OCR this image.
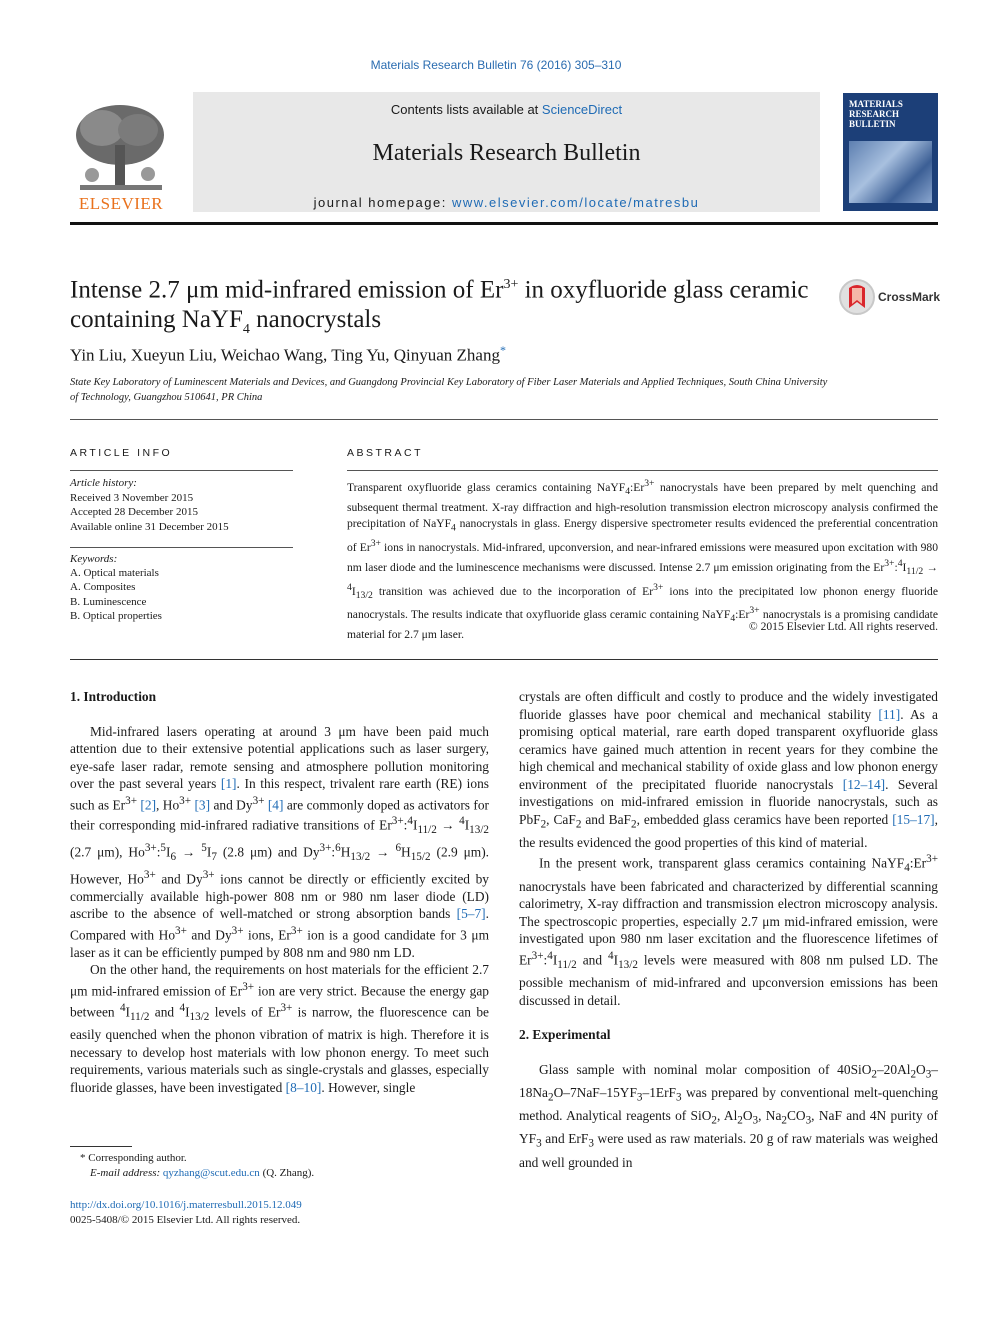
Materials Research Bulletin 76 (2016) 305–310
ELSEVIER
Contents lists available at ScienceDirect
Materials Research Bulletin
journal homepage: www.elsevier.com/locate/matresbu
MATERIALS RESEARCH BULLETIN
Intense 2.7 μm mid-infrared emission of $Er^{3+}$ in oxyfluoride glass ceramic containing NaYF$_4$ nanocrystals
CrossMark
Yin Liu, Xueyun Liu, Weichao Wang, Ting Yu, Qinyuan Zhang*
State Key Laboratory of Luminescent Materials and Devices, and Guangdong Provincial Key Laboratory of Fiber Laser Materials and Applied Techniques, South China University of Technology, Guangzhou 510641, PR China
ARTICLE INFO
Article history:
Received 3 November 2015
Accepted 28 December 2015
Available online 31 December 2015
Keywords:
A. Optical materials
A. Composites
B. Luminescence
B. Optical properties
ABSTRACT
Transparent oxyfluoride glass ceramics containing $NaYF_4:Er^{3+}$ nanocrystals have been prepared by melt quenching and subsequent thermal treatment. X-ray diffraction and high-resolution transmission electron microscopy analysis confirmed the precipitation of NaYF$_4$ nanocrystals in glass. Energy dispersive spectrometer results evidenced the preferential concentration of $Er^{3+}$ ions in nanocrystals. Mid-infrared, upconversion, and near-infrared emissions were measured upon excitation with 980 nm laser diode and the luminescence mechanisms were discussed. Intense 2.7 μm emission originating from the $Er^{3+}:^4I_{11/2} \to ^4I_{13/2}$ transition was achieved due to the incorporation of $Er^{3+}$ ions into the precipitated low phonon energy fluoride nanocrystals. The results indicate that oxyfluoride glass ceramic containing $NaYF_4:Er^{3+}$ nanocrystals is a promising candidate material for 2.7 μm laser.
© 2015 Elsevier Ltd. All rights reserved.
1. Introduction

Mid-infrared lasers operating at around 3 μm have been paid much attention due to their extensive potential applications such as laser surgery, eye-safe laser radar, remote sensing and atmosphere pollution monitoring over the past several years [1]. In this respect, trivalent rare earth (RE) ions such as $Er^{3+}$ [2], $Ho^{3+}$ [3] and $Dy^{3+}$ [4] are commonly doped as activators for their corresponding mid-infrared radiative transitions of $Er^{3+}:^4I_{11/2} \to ^4I_{13/2}$ (2.7 μm), $Ho^{3+}:^5I_6 \to ^5I_7$ (2.8 μm) and $Dy^{3+}:^6H_{13/2} \to ^6H_{15/2}$ (2.9 μm). However, $Ho^{3+}$ and $Dy^{3+}$ ions cannot be directly or efficiently excited by commercially available high-power 808 nm or 980 nm laser diode (LD) ascribe to the absence of well-matched or strong absorption bands [5–7]. Compared with $Ho^{3+}$ and $Dy^{3+}$ ions, $Er^{3+}$ ion is a good candidate for 3 μm laser as it can be efficiently pumped by 808 nm and 980 nm LD.

On the other hand, the requirements on host materials for the efficient 2.7 μm mid-infrared emission of $Er^{3+}$ ion are very strict. Because the energy gap between $^4I_{11/2}$ and $^4I_{13/2}$ levels of $Er^{3+}$ is narrow, the fluorescence can be easily quenched when the phonon vibration of matrix is high. Therefore it is necessary to develop host materials with low phonon energy. To meet such requirements, various materials such as single-crystals and glasses, especially fluoride glasses, have been investigated [8–10]. However, single

* Corresponding author.
E-mail address: qyzhang@scut.edu.cn (Q. Zhang).
http://dx.doi.org/10.1016/j.materresbull.2015.12.049
0025-5408/© 2015 Elsevier Ltd. All rights reserved.

crystals are often difficult and costly to produce and the widely investigated fluoride glasses have poor chemical and mechanical stability [11]. As a promising optical material, rare earth doped transparent oxyfluoride glass ceramics have gained much attention in recent years for they combine the high chemical and mechanical stability of oxide glass and low phonon energy environment of the precipitated fluoride nanocrystals [12–14]. Several investigations on mid-infrared emission in fluoride nanocrystals, such as PbF$_2$, CaF$_2$ and BaF$_2$, embedded glass ceramics have been reported [15–17], the results evidenced the good properties of this kind of material.

In the present work, transparent glass ceramics containing $NaYF_4:Er^{3+}$ nanocrystals have been fabricated and characterized by differential scanning calorimetry, X-ray diffraction and transmission electron microscopy analysis. The spectroscopic properties, especially 2.7 μm mid-infrared emission, were investigated upon 980 nm laser excitation and the fluorescence lifetimes of $Er^{3+}:^4I_{11/2}$ and $^4I_{13/2}$ levels were measured with 808 nm pulsed LD. The possible mechanism of mid-infrared and upconversion emissions has been discussed in detail.

2. Experimental

Glass sample with nominal molar composition of $40SiO_2-20Al_2O_3-18Na_2O-7NaF-15YF_3-1ErF_3$ was prepared by conventional melt-quenching method. Analytical reagents of SiO$_2$, $Al_2O_3$, $Na_2CO_3$, NaF and 4N purity of $YF_3$ and ErF$_3$ were used as raw materials. 20 g of raw materials was weighed and well grounded in
